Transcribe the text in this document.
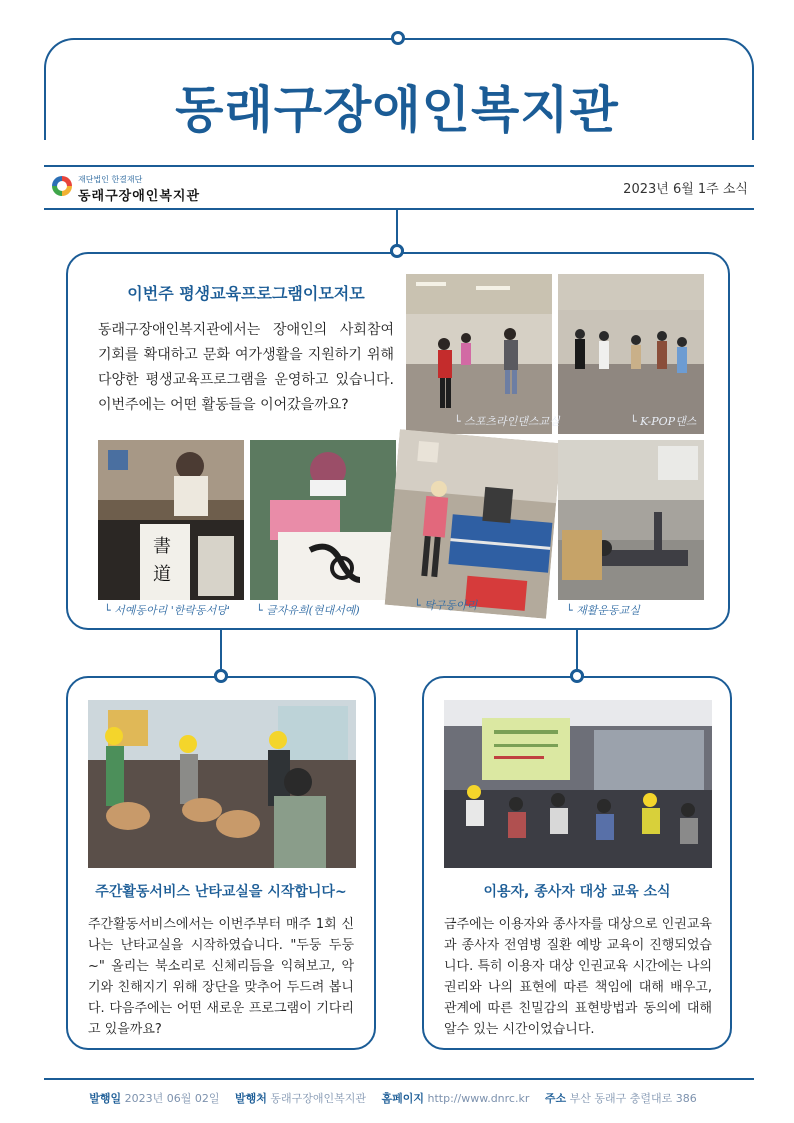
동래구장애인복지관
재단법인 한결재단
동래구장애인복지관	2023년 6월 1주 소식
이번주 평생교육프로그램이모저모
동래구장애인복지관에서는 장애인의 사회참여 기회를 확대하고 문화 여가생활을 지원하기 위해 다양한 평생교육프로그램을 운영하고 있습니다. 이번주에는 어떤 활동들을 이어갔을까요?
└ 스포츠라인댄스교실	└ K-POP댄스
書
道
└ 서예동아리 '한락동서당' └ 글자유희(현대서예)	└ 탁구동아리	└ 재활운동교실
주간활동서비스 난타교실을 시작합니다~
주간활동서비스에서는 이번주부터 매주 1회 신나는 난타교실을 시작하였습니다. "두둥 두둥~" 올리는 북소리로 신체리듬을 익혀보고, 악기와 친해지기 위해 장단을 맞추어 두드려 봅니다. 다음주에는 어떤 새로운 프로그램이 기다리고 있을까요?
이용자, 종사자 대상 교육 소식
금주에는 이용자와 종사자를 대상으로 인권교육과 종사자 전염병 질환 예방 교육이 진행되었습니다. 특히 이용자 대상 인권교육 시간에는 나의 권리와 나의 표현에 따른 책임에 대해 배우고, 관계에 따른 친밀감의 표현방법과 동의에 대해 알수 있는 시간이었습니다.
발행일 2023년 06월 02일 발행처 동래구장애인복지관 홈페이지 http://www.dnrc.kr 주소 부산 동래구 충렬대로 386
